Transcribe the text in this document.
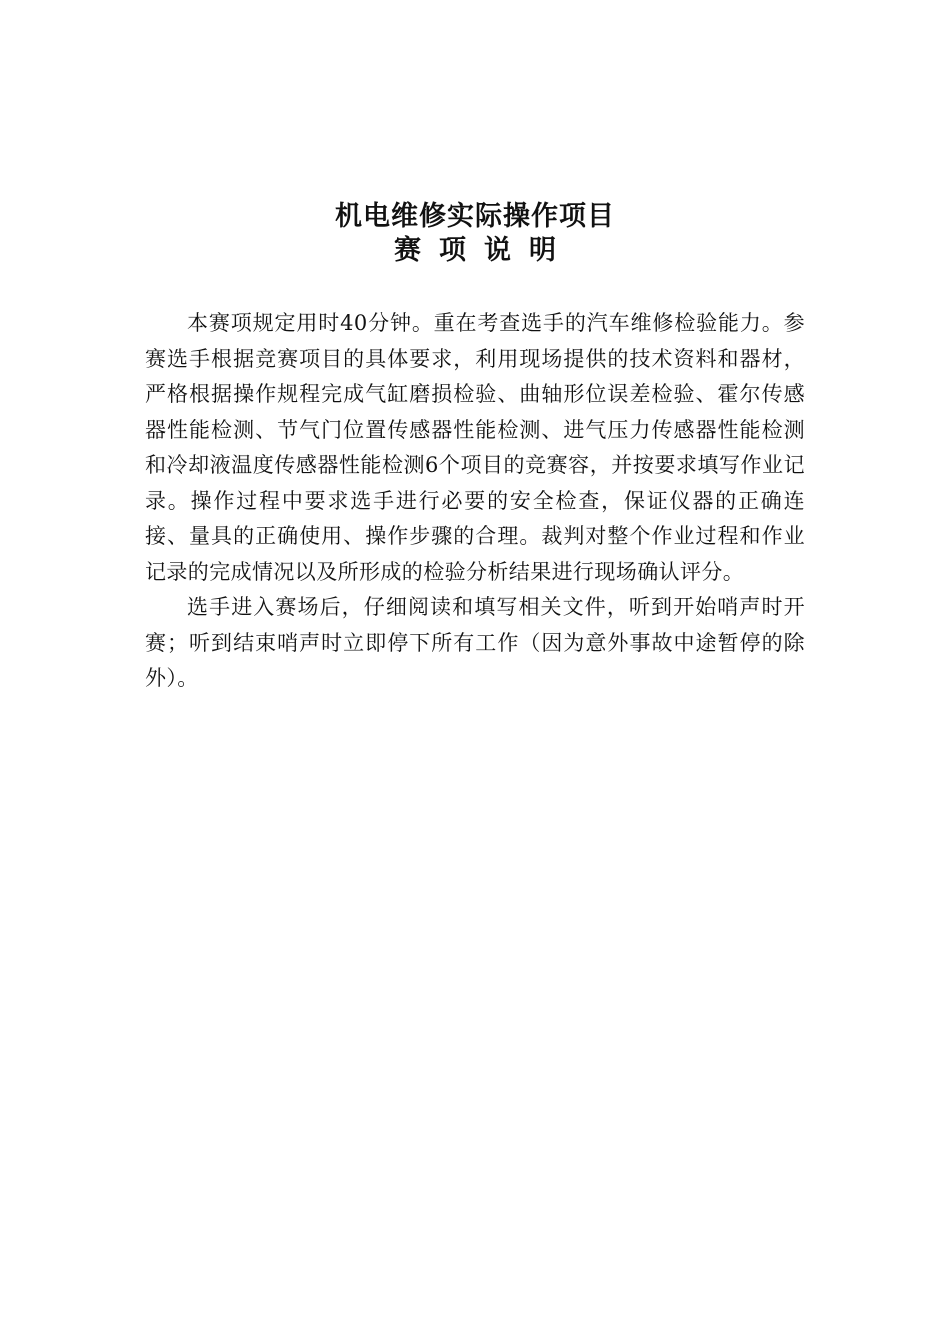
机电维修实际操作项目
赛项说明

本赛项规定用时40分钟。重在考查选手的汽车维修检验能力。参赛选手根据竞赛项目的具体要求，利用现场提供的技术资料和器材，严格根据操作规程完成气缸磨损检验、曲轴形位误差检验、霍尔传感器性能检测、节气门位置传感器性能检测、进气压力传感器性能检测和冷却液温度传感器性能检测6个项目的竞赛容，并按要求填写作业记录。操作过程中要求选手进行必要的安全检查，保证仪器的正确连接、量具的正确使用、操作步骤的合理。裁判对整个作业过程和作业记录的完成情况以及所形成的检验分析结果进行现场确认评分。

选手进入赛场后，仔细阅读和填写相关文件，听到开始哨声时开赛；听到结束哨声时立即停下所有工作（因为意外事故中途暂停的除外）。
